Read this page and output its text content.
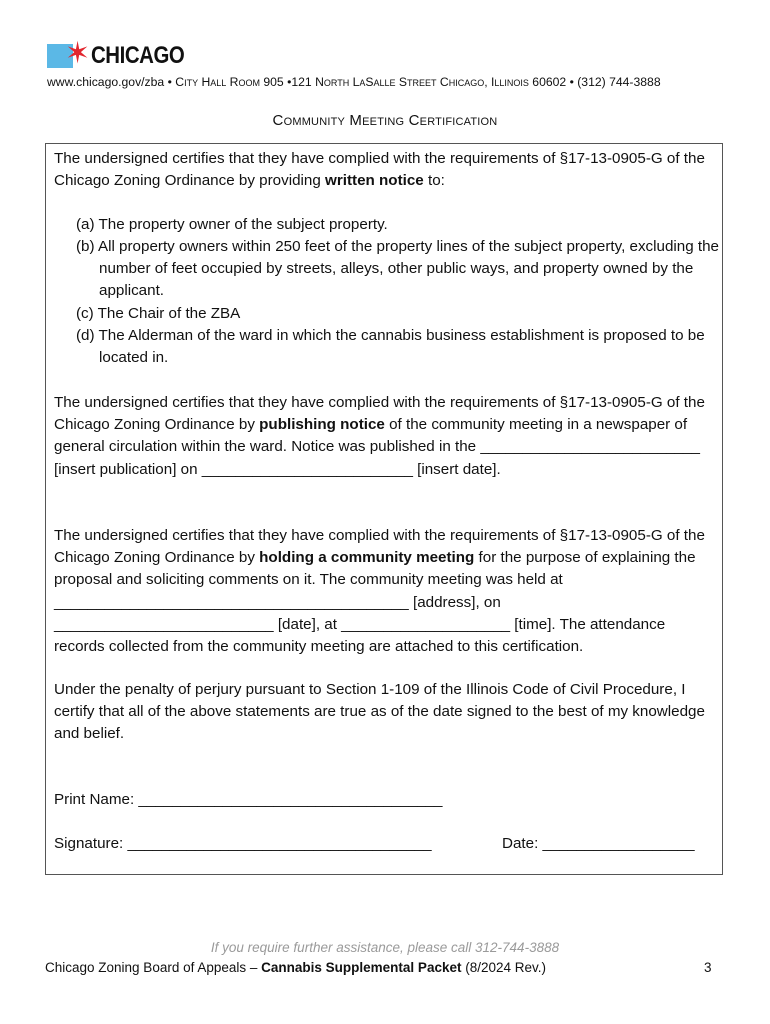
✶ CHICAGO
www.chicago.gov/zba • City Hall Room 905 •121 North LaSalle Street Chicago, Illinois 60602 • (312) 744-3888
Community Meeting Certification
The undersigned certifies that they have complied with the requirements of §17-13-0905-G of the Chicago Zoning Ordinance by providing written notice to:
(a) The property owner of the subject property.
(b) All property owners within 250 feet of the property lines of the subject property, excluding the number of feet occupied by streets, alleys, other public ways, and property owned by the applicant.
(c) The Chair of the ZBA
(d) The Alderman of the ward in which the cannabis business establishment is proposed to be located in.
The undersigned certifies that they have complied with the requirements of §17-13-0905-G of the Chicago Zoning Ordinance by publishing notice of the community meeting in a newspaper of general circulation within the ward. Notice was published in the __________________________ [insert publication] on _________________________ [insert date].
The undersigned certifies that they have complied with the requirements of §17-13-0905-G of the Chicago Zoning Ordinance by holding a community meeting for the purpose of explaining the proposal and soliciting comments on it. The community meeting was held at __________________________________________ [address], on __________________________ [date], at ____________________ [time]. The attendance records collected from the community meeting are attached to this certification.
Under the penalty of perjury pursuant to Section 1-109 of the Illinois Code of Civil Procedure, I certify that all of the above statements are true as of the date signed to the best of my knowledge and belief.
Print Name: ____________________________________
Signature: ____________________________________	Date: __________________
If you require further assistance, please call 312-744-3888
Chicago Zoning Board of Appeals – Cannabis Supplemental Packet (8/2024 Rev.)	3
